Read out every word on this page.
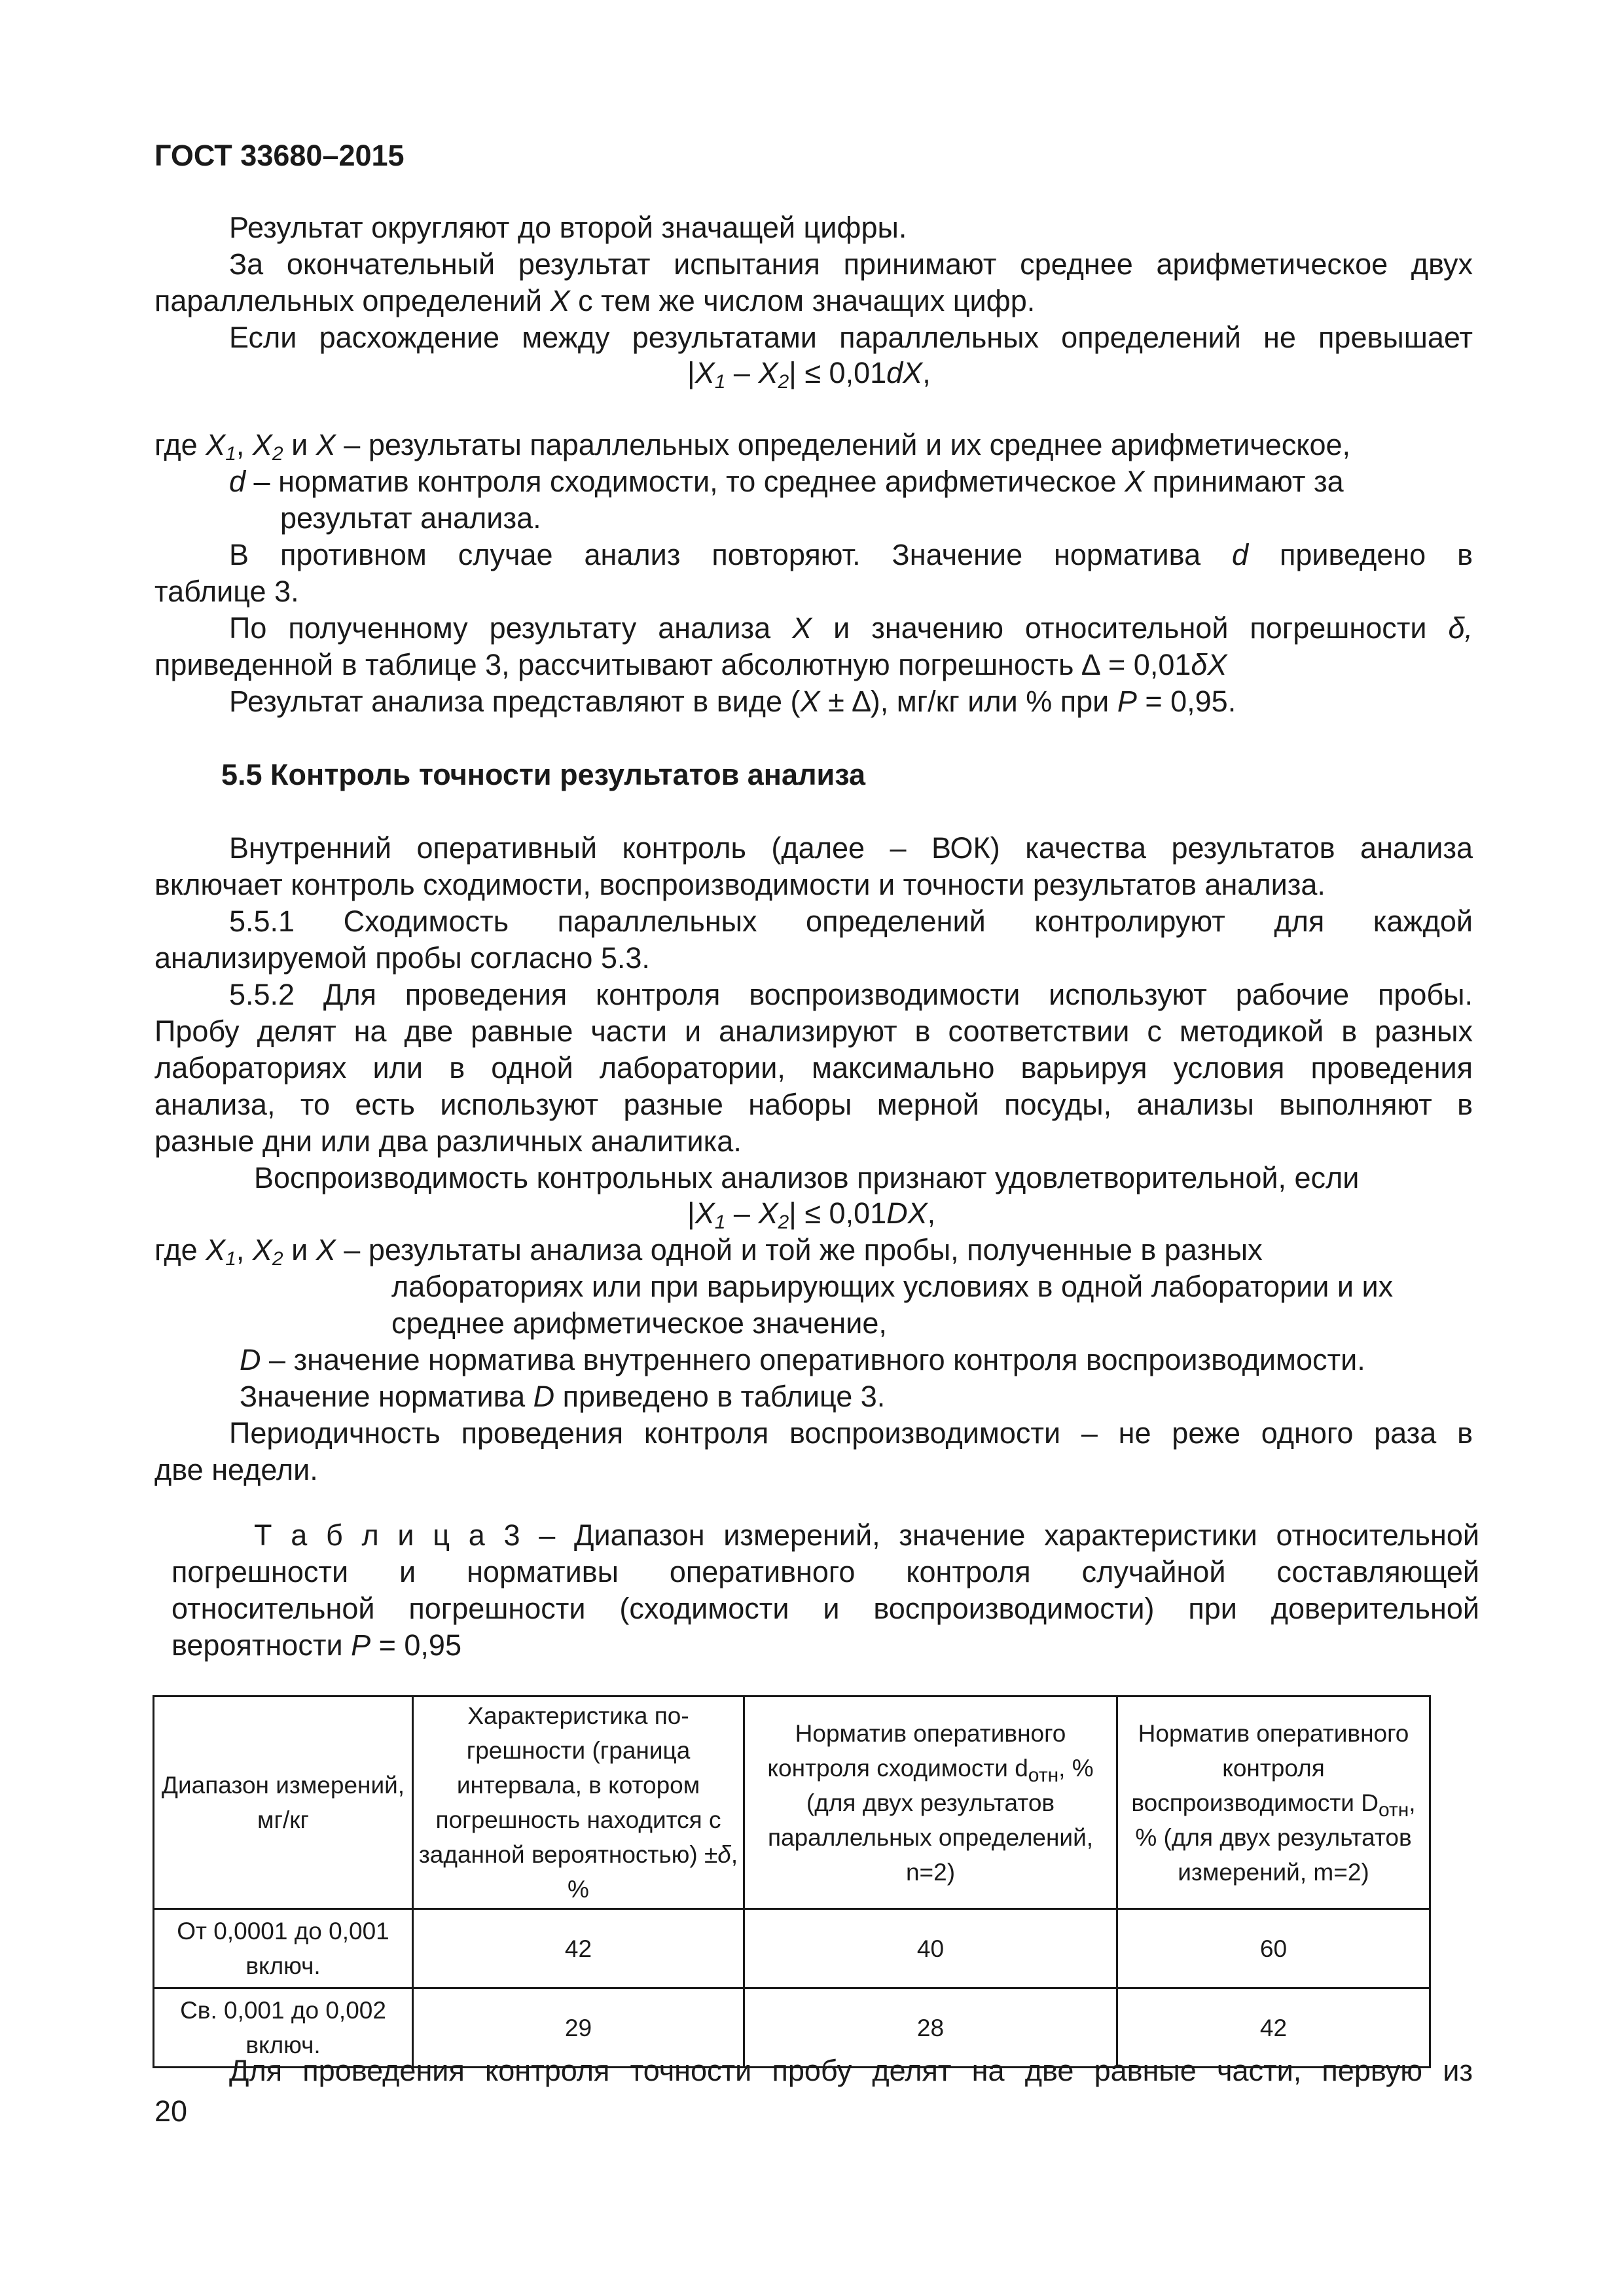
ГОСТ 33680–2015
Результат округляют до второй значащей цифры.
За окончательный результат испытания принимают среднее арифметическое двух
параллельных определений X с тем же числом значащих цифр.
Если расхождение между результатами параллельных определений не превышает
$|X_1 - X_2| \le 0,01dX$,
где $X_1$, $X_2$ и X – результаты параллельных определений и их среднее арифметическое,
d – норматив контроля сходимости, то среднее арифметическое X принимают за
результат анализа.
В противном случае анализ повторяют. Значение норматива d приведено в
таблице 3.
По полученному результату анализа X и значению относительной погрешности δ,
приведенной в таблице 3, рассчитывают абсолютную погрешность ∆ = 0,01δX
Результат анализа представляют в виде (X ± ∆), мг/кг или % при P = 0,95.
5.5 Контроль точности результатов анализа
Внутренний оперативный контроль (далее – ВОК) качества результатов анализа
включает контроль сходимости, воспроизводимости и точности результатов анализа.
5.5.1 Сходимость параллельных определений контролируют для каждой
анализируемой пробы согласно 5.3.
5.5.2 Для проведения контроля воспроизводимости используют рабочие пробы.
Пробу делят на две равные части и анализируют в соответствии с методикой в разных
лабораториях или в одной лаборатории, максимально варьируя условия проведения
анализа, то есть используют разные наборы мерной посуды, анализы выполняют в
разные дни или два различных аналитика.
Воспроизводимость контрольных анализов признают удовлетворительной, если
$|X_1 - X_2| \le 0,01DX$,
где $X_1$, $X_2$ и X – результаты анализа одной и той же пробы, полученные в разных
лабораториях или при варьирующих условиях в одной лаборатории и их
среднее арифметическое значение,
D – значение норматива внутреннего оперативного контроля воспроизводимости.
Значение норматива D приведено в таблице 3.
Периодичность проведения контроля воспроизводимости – не реже одного раза в
две недели.
Т а б л и ц а 3 – Диапазон измерений, значение характеристики относительной
погрешности и нормативы оперативного контроля случайной составляющей
относительной погрешности (сходимости и воспроизводимости) при доверительной
вероятности P = 0,95
Диапазон измерений, мг/кг	Характеристика по-грешности (граница интервала, в котором погрешность находится с заданной вероятностью) ±δ, %	Норматив оперативного контроля сходимости $d_{отн}$, % (для двух результатов параллельных определений, n=2)	Норматив оперативного контроля воспроизводимости $D_{отн}$, % (для двух результатов измерений, m=2)
От 0,0001 до 0,001 включ.	42	40	60
Св. 0,001 до 0,002 включ.	29	28	42
Для проведения контроля точности пробу делят на две равные части, первую из
20
